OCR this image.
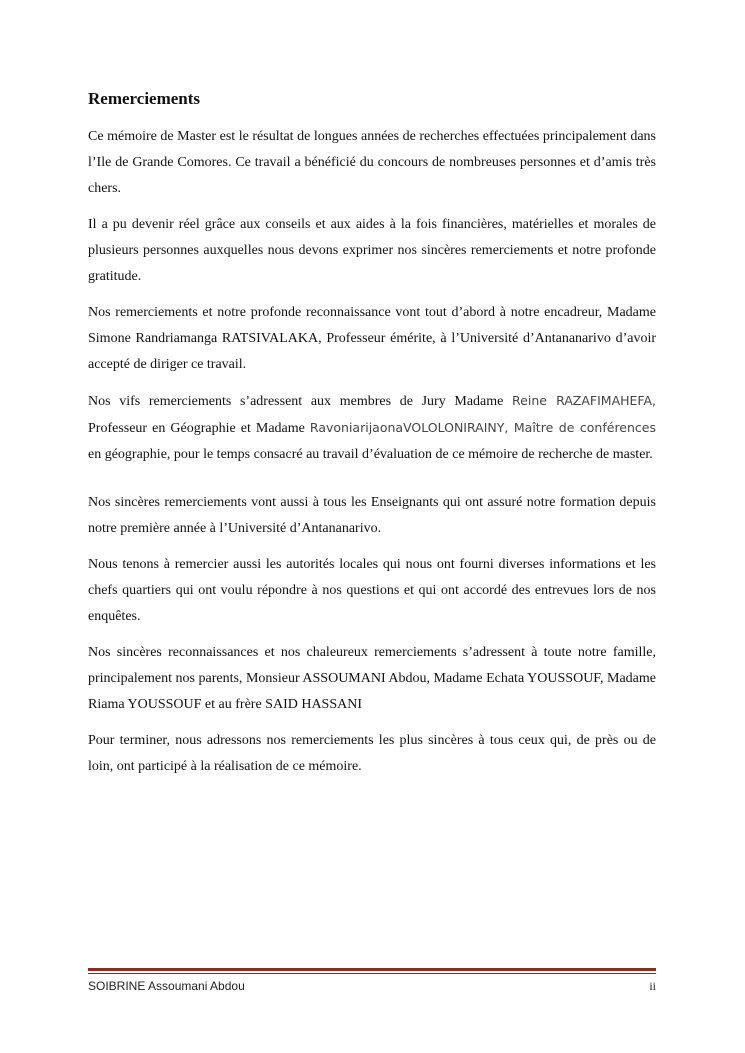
Remerciements

Ce mémoire de Master est le résultat de longues années de recherches effectuées principalement dans l’Ile de Grande Comores. Ce travail a bénéficié du concours de nombreuses personnes et d’amis très chers.

Il a pu devenir réel grâce aux conseils et aux aides à la fois financières, matérielles et morales de plusieurs personnes auxquelles nous devons exprimer nos sincères remerciements et notre profonde gratitude.

Nos remerciements et notre profonde reconnaissance vont tout d’abord à notre encadreur, Madame Simone Randriamanga RATSIVALAKA, Professeur émérite, à l’Université d’Antananarivo d’avoir accepté de diriger ce travail.

Nos vifs remerciements s’adressent aux membres de Jury Madame Reine RAZAFIMAHEFA, Professeur en Géographie et Madame RavoniarijaonaVOLOLONIRAINY, Maître de conférences en géographie, pour le temps consacré au travail d’évaluation de ce mémoire de recherche de master.

Nos sincères remerciements vont aussi à tous les Enseignants qui ont assuré notre formation depuis notre première année à l’Université d’Antananarivo.

Nous tenons à remercier aussi les autorités locales qui nous ont fourni diverses informations et les chefs quartiers qui ont voulu répondre à nos questions et qui ont accordé des entrevues lors de nos enquêtes.

Nos sincères reconnaissances et nos chaleureux remerciements s’adressent à toute notre famille, principalement nos parents, Monsieur ASSOUMANI Abdou, Madame Echata YOUSSOUF, Madame Riama YOUSSOUF et au frère SAID HASSANI

Pour terminer, nous adressons nos remerciements les plus sincères à tous ceux qui, de près ou de loin, ont participé à la réalisation de ce mémoire.

SOIBRINE Assoumani Abdou	ii
